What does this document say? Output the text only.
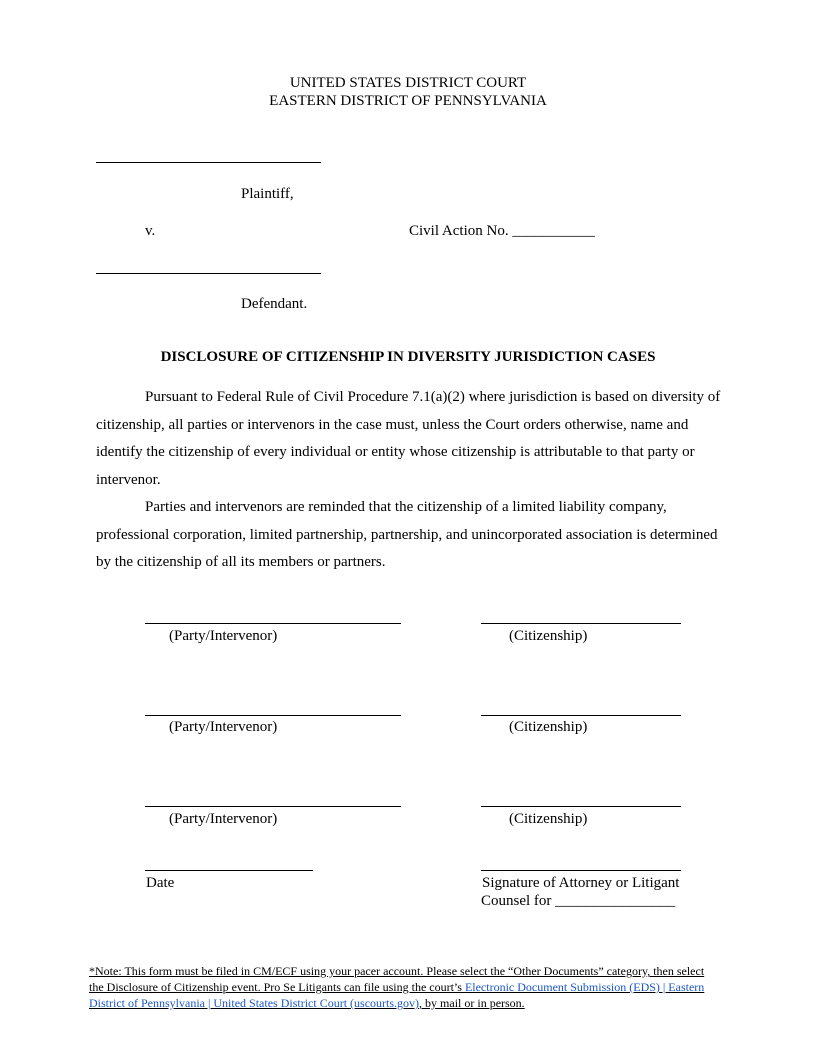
UNITED STATES DISTRICT COURT
EASTERN DISTRICT OF PENNSYLVANIA
Plaintiff,
v.	Civil Action No. ___________
Defendant.
DISCLOSURE OF CITIZENSHIP IN DIVERSITY JURISDICTION CASES

Pursuant to Federal Rule of Civil Procedure 7.1(a)(2) where jurisdiction is based on diversity of citizenship, all parties or intervenors in the case must, unless the Court orders otherwise, name and identify the citizenship of every individual or entity whose citizenship is attributable to that party or intervenor.

Parties and intervenors are reminded that the citizenship of a limited liability company, professional corporation, limited partnership, partnership, and unincorporated association is determined by the citizenship of all its members or partners.

(Party/Intervenor)	(Citizenship)
(Party/Intervenor)	(Citizenship)
(Party/Intervenor)	(Citizenship)
Date	Signature of Attorney or Litigant
Counsel for ________________
*Note: This form must be filed in CM/ECF using your pacer account. Please select the “Other Documents” category, then select the Disclosure of Citizenship event. Pro Se Litigants can file using the court’s Electronic Document Submission (EDS) | Eastern District of Pennsylvania | United States District Court (uscourts.gov), by mail or in person.
